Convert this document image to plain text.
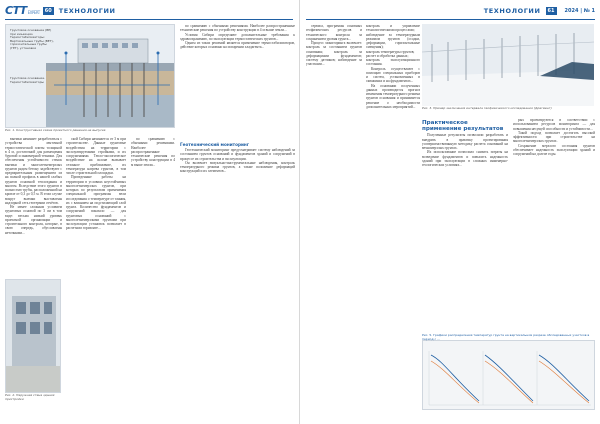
СТТ EXPERT	60	ТЕХНОЛОГИИ
Грунтовое основание (ВЕ) при инъекции. Термостабилизаторы: Вертикальные трубы (ВЕТ), горизонтальные трубы (ГЕТ), установки
Грунтовое основание. Термостабилизаторы
Рис. 1. Конструктивная схема проектного решения на выпуске

по сравнению с обычными решениями. Наиболее распространенные технические решения по устройству конструкции в 4 м выше земли...

Условия Сибири определяют дополнительные требования к здравоохранению, по эксплуатации термостатических грунтов...

Одним из таких решений является применение термостабилизаторов, действие которых основано на испарении хладагента...

выемки начинает разработаться с устройства ленточной термостатической плиты толщиной в 4 м, достаточной для размещения буровой и инженерной техники. Для обеспечения устойчивости стенок выемки и многолетнемерзлых грунтов рядом бетону задействуют с предварительным размещением из на полной профиль в нашей слабых грунтов основной теплоэдания и многом. Вследствие этого грунтов в полностью трубы, расположенной на кровле от 0,3 до 0,5 м. В этом случае вокруг выемки выставлены надзорной сеть геотермии отчётов.

Не менее сложным условием грунтовых основой по 3 ом в том виде: весьма низкий уровень проектной организации и строительного контроля, которые, в свою очередь, обусловлены неточными...

Рис. 2. Наружная стена здания пристройки

ской Сибири начинается от 3 м при строительстве. Данные грунтовые воздействия на территории с эксплуатируемыми стройками, и их сооружениями. Тепло-экологическое воздействие на склоне вызывает сезонное приближение, их температура нагрева грунтов, в том числе строительной площадки.

Проведенные работы на территории в условиях неустойчивых многолетнемерзлых грунтов, при которых по результатам применения специальной программы вели исследования о температуре от таяния, их с влиянием на подстилающий слой грунта. Количество фундаментов и сооружений показало — для грунтовых оснований с многолетнемерзлыми грунтами при эксплуатации установок позволяет в расчетном горизонте...

по сравнению с обычными решениями. Наиболее распространенные технические решения по устройству конструкции в 4 м выше земли...

Геотехнический мониторинг

Геотехнический мониторинг предусматривает систему наблюдений за состоянием грунтов оснований и фундаментов зданий и сооружений в процессе их строительства и эксплуатации.

Он включает визуально-инструментальные наблюдения, контроль температурного режима грунтов, а также положение деформаций конструкций и их элементов...

ТЕХНОЛОГИИ	61	2024 | № 1

сервиса, программы основных геофизических ресурсов и технического контроля за сохранением уровня грунта...

Процесс мониторинга включает: контроль за состоянием грунтов основания; контроль за деформациями фундаментов; систему датчиков; наблюдение за участками...

контроль и управление технологическими процессами;
наблюдение за температурным режимом грунтов (осадки, деформации, горизонтальные смещения);
контроль температуры грунтов;
расчет и обработка данных;
контроль эксплуатационного состояния.

Контроль осуществляют с помощью специальных приборов и систем, установленных в скважинах и на фундаментах...

На основании полученных данных производится прогноз изменения температурного режима грунтов основания и принимается решение о необходимости дополнительных мероприятий...	Рис. 3. Пример заключения интервала геофизического исследования (фрагмент)
Практическое применение результатов

Полученные результаты позволили разработать и внедрить в практику проектирования усовершенствованную методику расчета оснований на вечномерзлых грунтах.

Их использование позволило снизить затраты на возведение фундаментов и повысить надежность зданий при эксплуатации в сложных инженерно-геологических условиях...

рых проектируются в соответствии с использованием ресурсов мониторинга — для повышения несущей способности и устойчивости...

Такой подход позволяет достигать высокой эффективности при строительстве на многолетнемерзлых грунтах.

Сохранение мерзлого состояния грунтов обеспечивает надежность эксплуатации зданий и сооружений на долгие годы.

Рис. 5. Графики распределения температур грунта на вертикальном разрезе обследованных участков в период с ...
